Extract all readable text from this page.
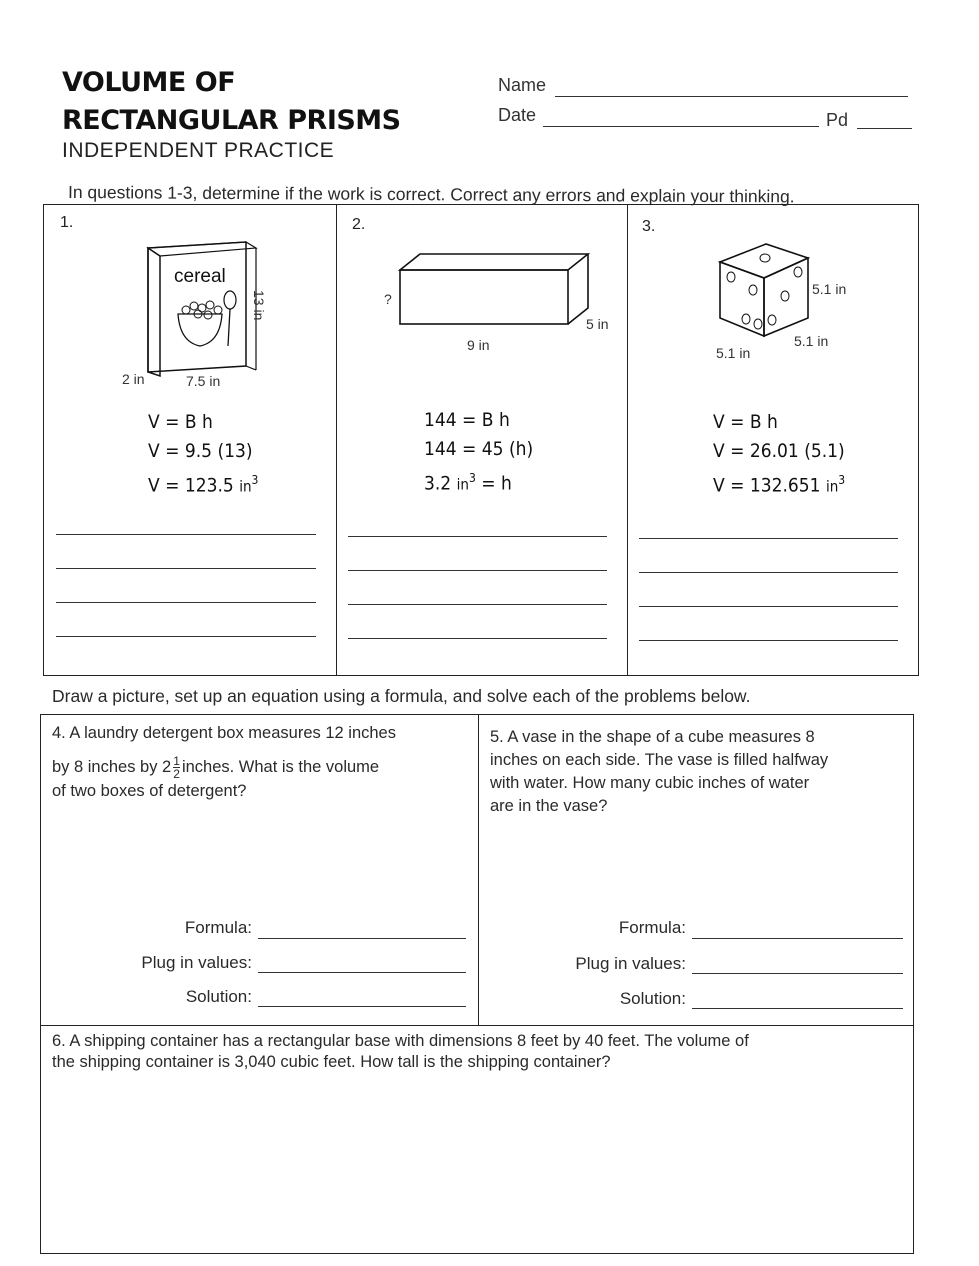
VOLUME OF
RECTANGULAR PRISMS
INDEPENDENT PRACTICE
Name
Date	Pd
In questions 1-3, determine if the work is correct. Correct any errors and explain your thinking.
1.
cereal
13 in
2 in	7.5 in
V = B h
V = 9.5 (13)
V = 123.5 $in^3$
2.
?
5 in
9 in
144 = B h
144 = 45 (h)
3.2 $in^3 = h$
3.
5.1 in
5.1 in
5.1 in
V = B h
V = 26.01 (5.1)
V = 132.651 $in^3$
Draw a picture, set up an equation using a formula, and solve each of the problems below.
4. A laundry detergent box measures 12 inches
by 8 inches by $2 \frac{1}{2}$ inches. What is the volume
of two boxes of detergent?
Formula:
Plug in values:
Solution:
5. A vase in the shape of a cube measures 8
inches on each side. The vase is filled halfway
with water. How many cubic inches of water
are in the vase?
Formula:
Plug in values:
Solution:
6. A shipping container has a rectangular base with dimensions 8 feet by 40 feet. The volume of
the shipping container is 3,040 cubic feet. How tall is the shipping container?
